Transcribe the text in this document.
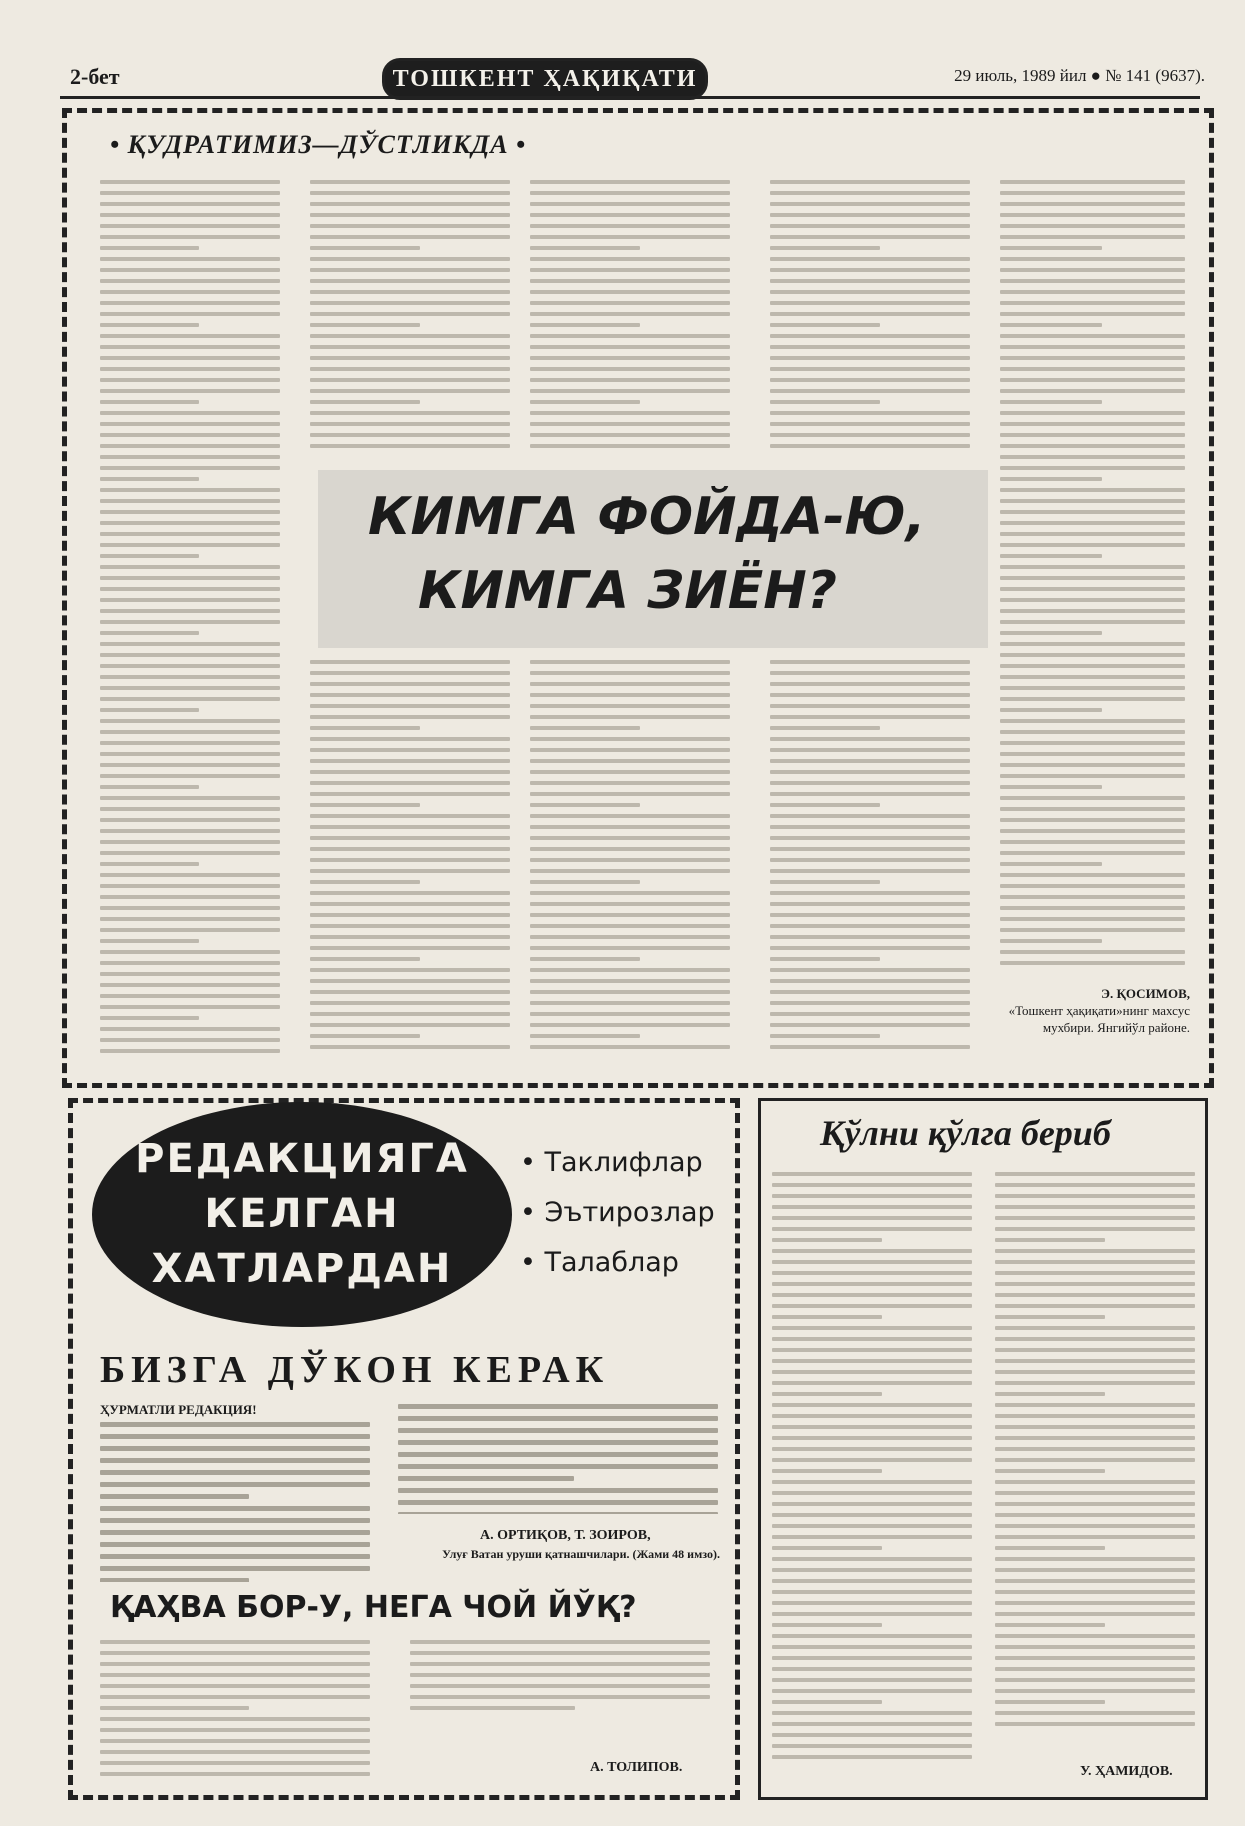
2-бет	ТОШКЕНТ ҲАҚИҚАТИ	29 июль, 1989 йил ● № 141 (9637).
• ҚУДРАТИМИЗ—ДЎСТЛИКДА •
КИМГА ФОЙДА-Ю,
КИМГА ЗИЁН?
Э. ҚОСИМОВ,
«Тошкент ҳақиқати»нинг махсус мухбири. Янгийўл районе.
РЕДАКЦИЯГА
КЕЛГАН
ХАТЛАРДАН
• Таклифлар
• Эътирозлар
• Талаблар
БИЗГА ДЎКОН КЕРАК
ҲУРМАТЛИ РЕДАКЦИЯ!
А. ОРТИҚОВ, Т. ЗОИРОВ,
Улуғ Ватан уруши қатнашчилари. (Жами 48 имзо).
ҚАҲВА БОР-У, НЕГА ЧОЙ ЙЎҚ?
А. ТОЛИПОВ.
Қўлни қўлга бериб
У. ҲАМИДОВ.
